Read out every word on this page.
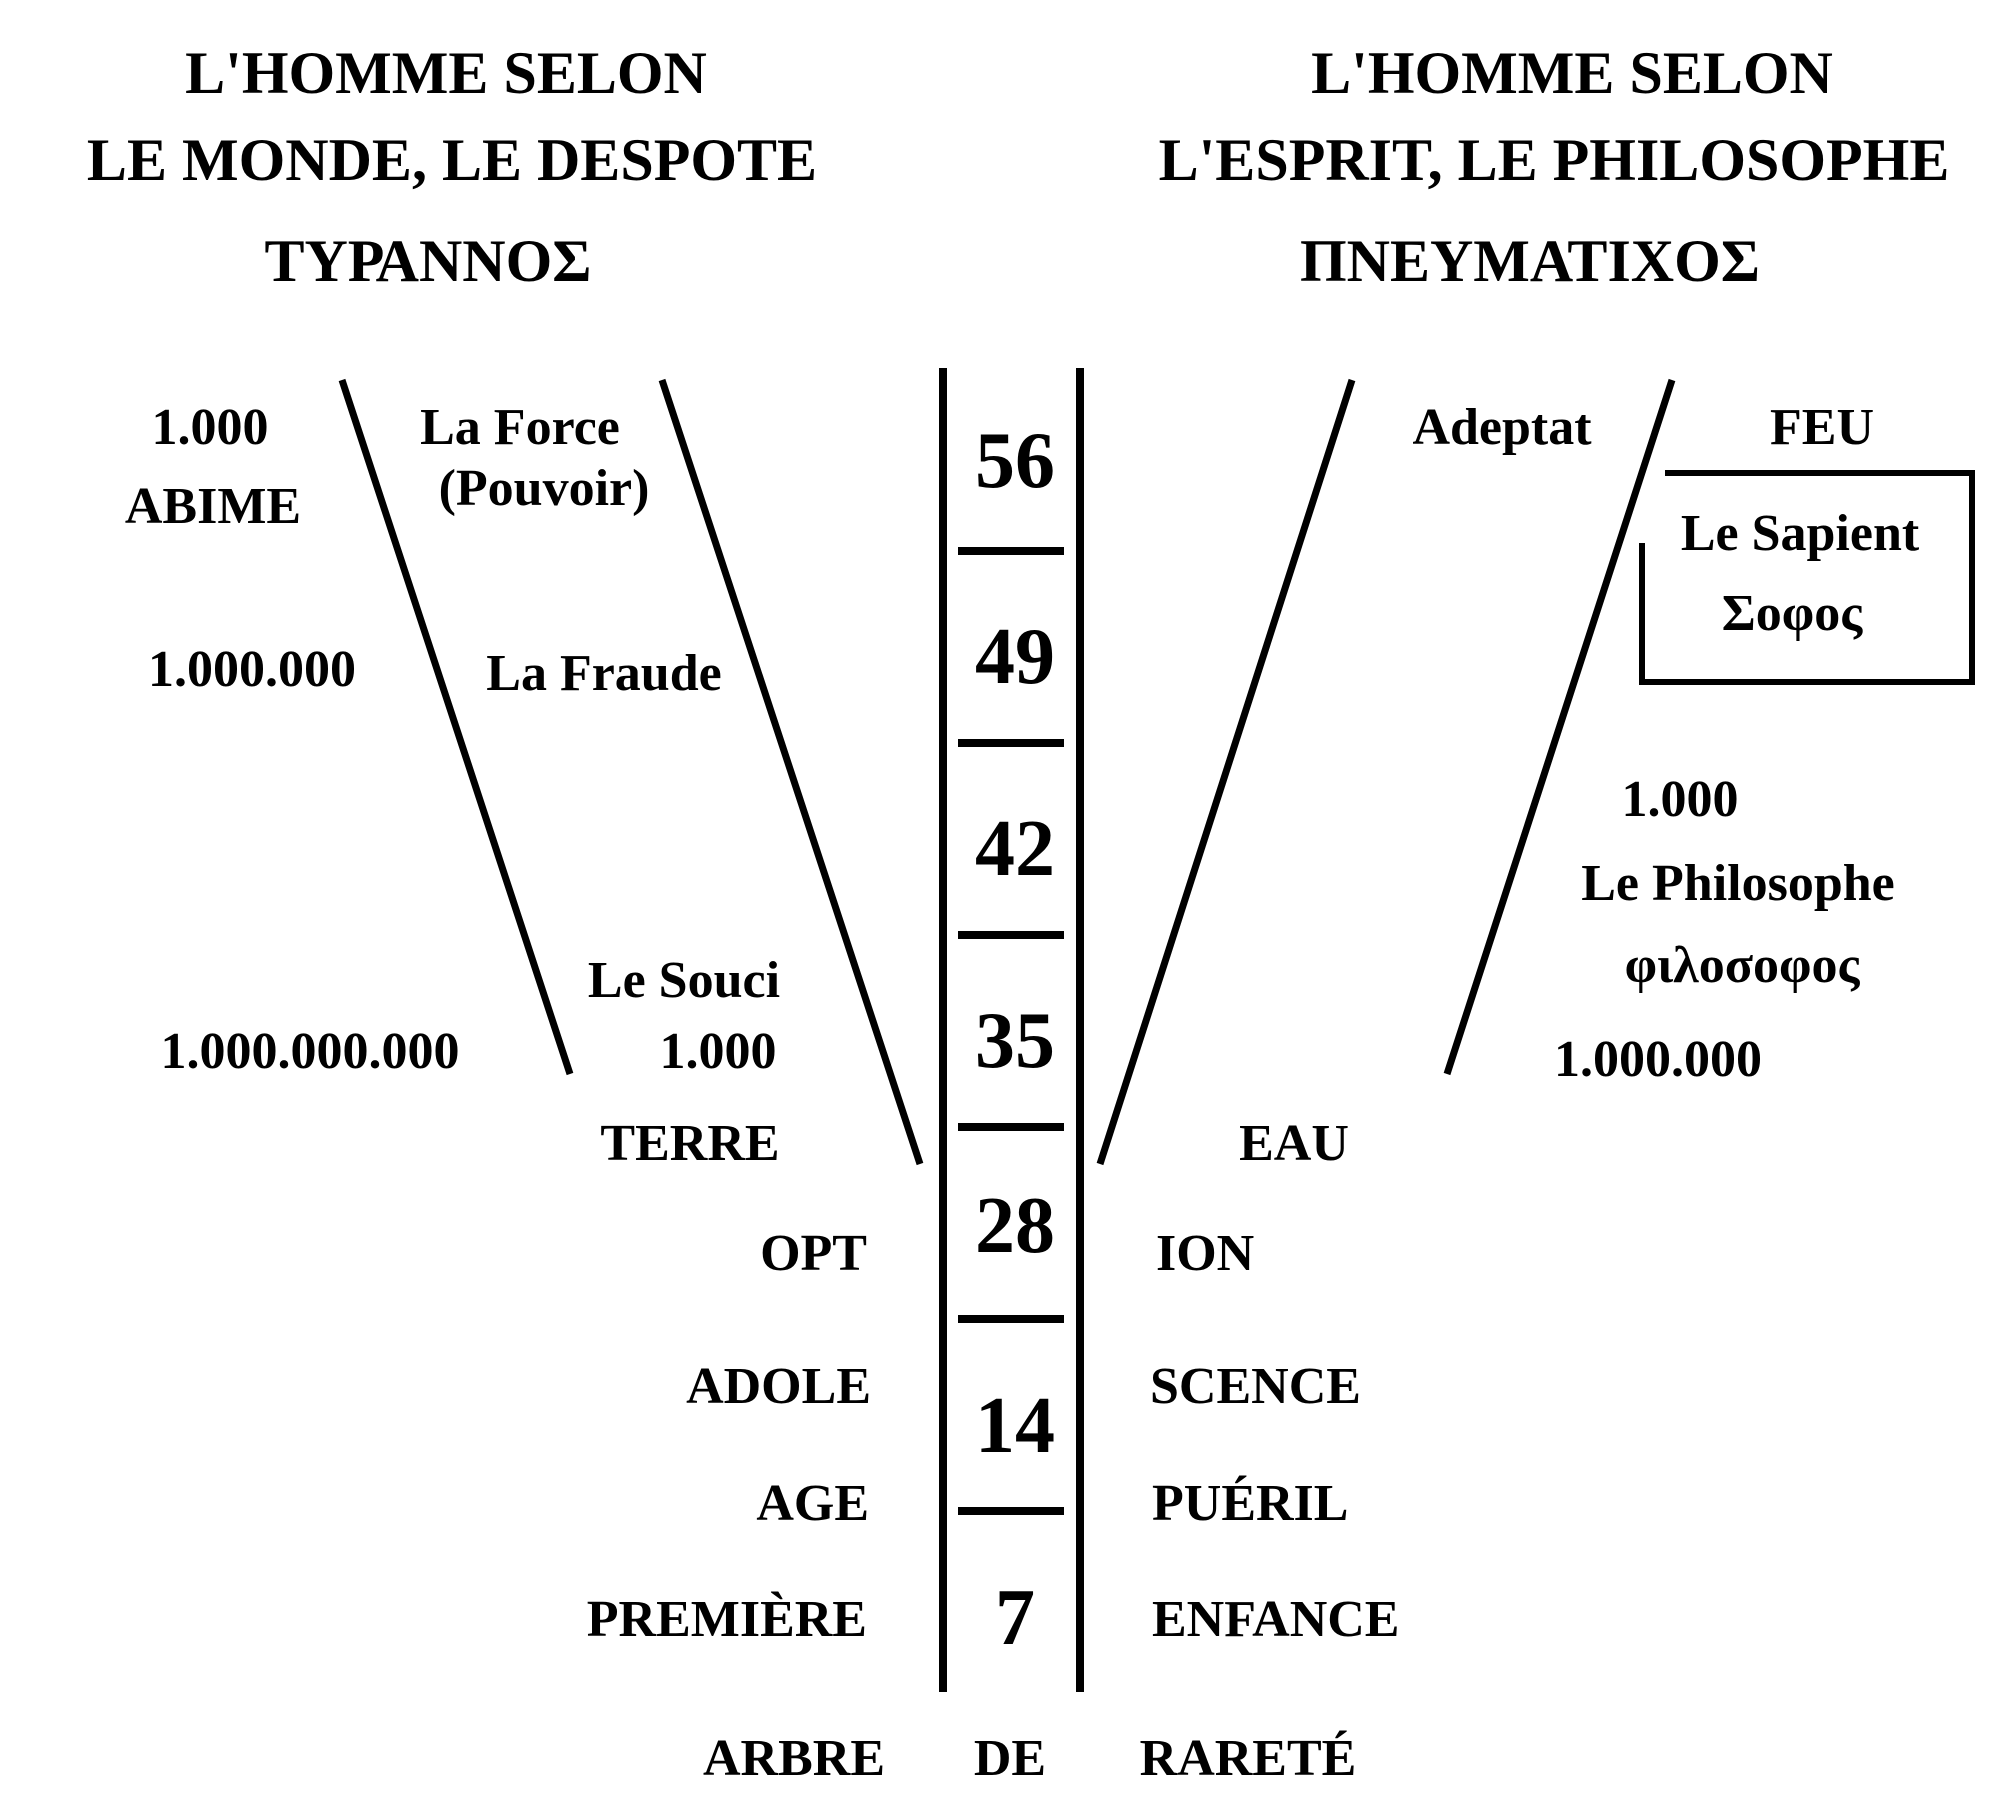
L'HOMME SELON
LE MONDE, LE DESPOTE
ΤΥΡΑΝΝΟΣ
L'HOMME SELON
L'ESPRIT, LE PHILOSOPHE
ΠΝΕΥΜΑΤΙΧΟΣ
56
49
42
35
28
14
7
1.000
ABIME
La Force
(Pouvoir)
1.000.000	La Fraude
Le Souci
1.000
1.000.000.000
TERRE
Adeptat	FEU
Le Sapient
Σοφος
1.000
Le Philosophe
φιλοσοφος
1.000.000
EAU
OPT	ION
ADOLE	SCENCE
AGE	PUÉRIL
PREMIÈRE	ENFANCE
ARBRE DE RARETÉ
